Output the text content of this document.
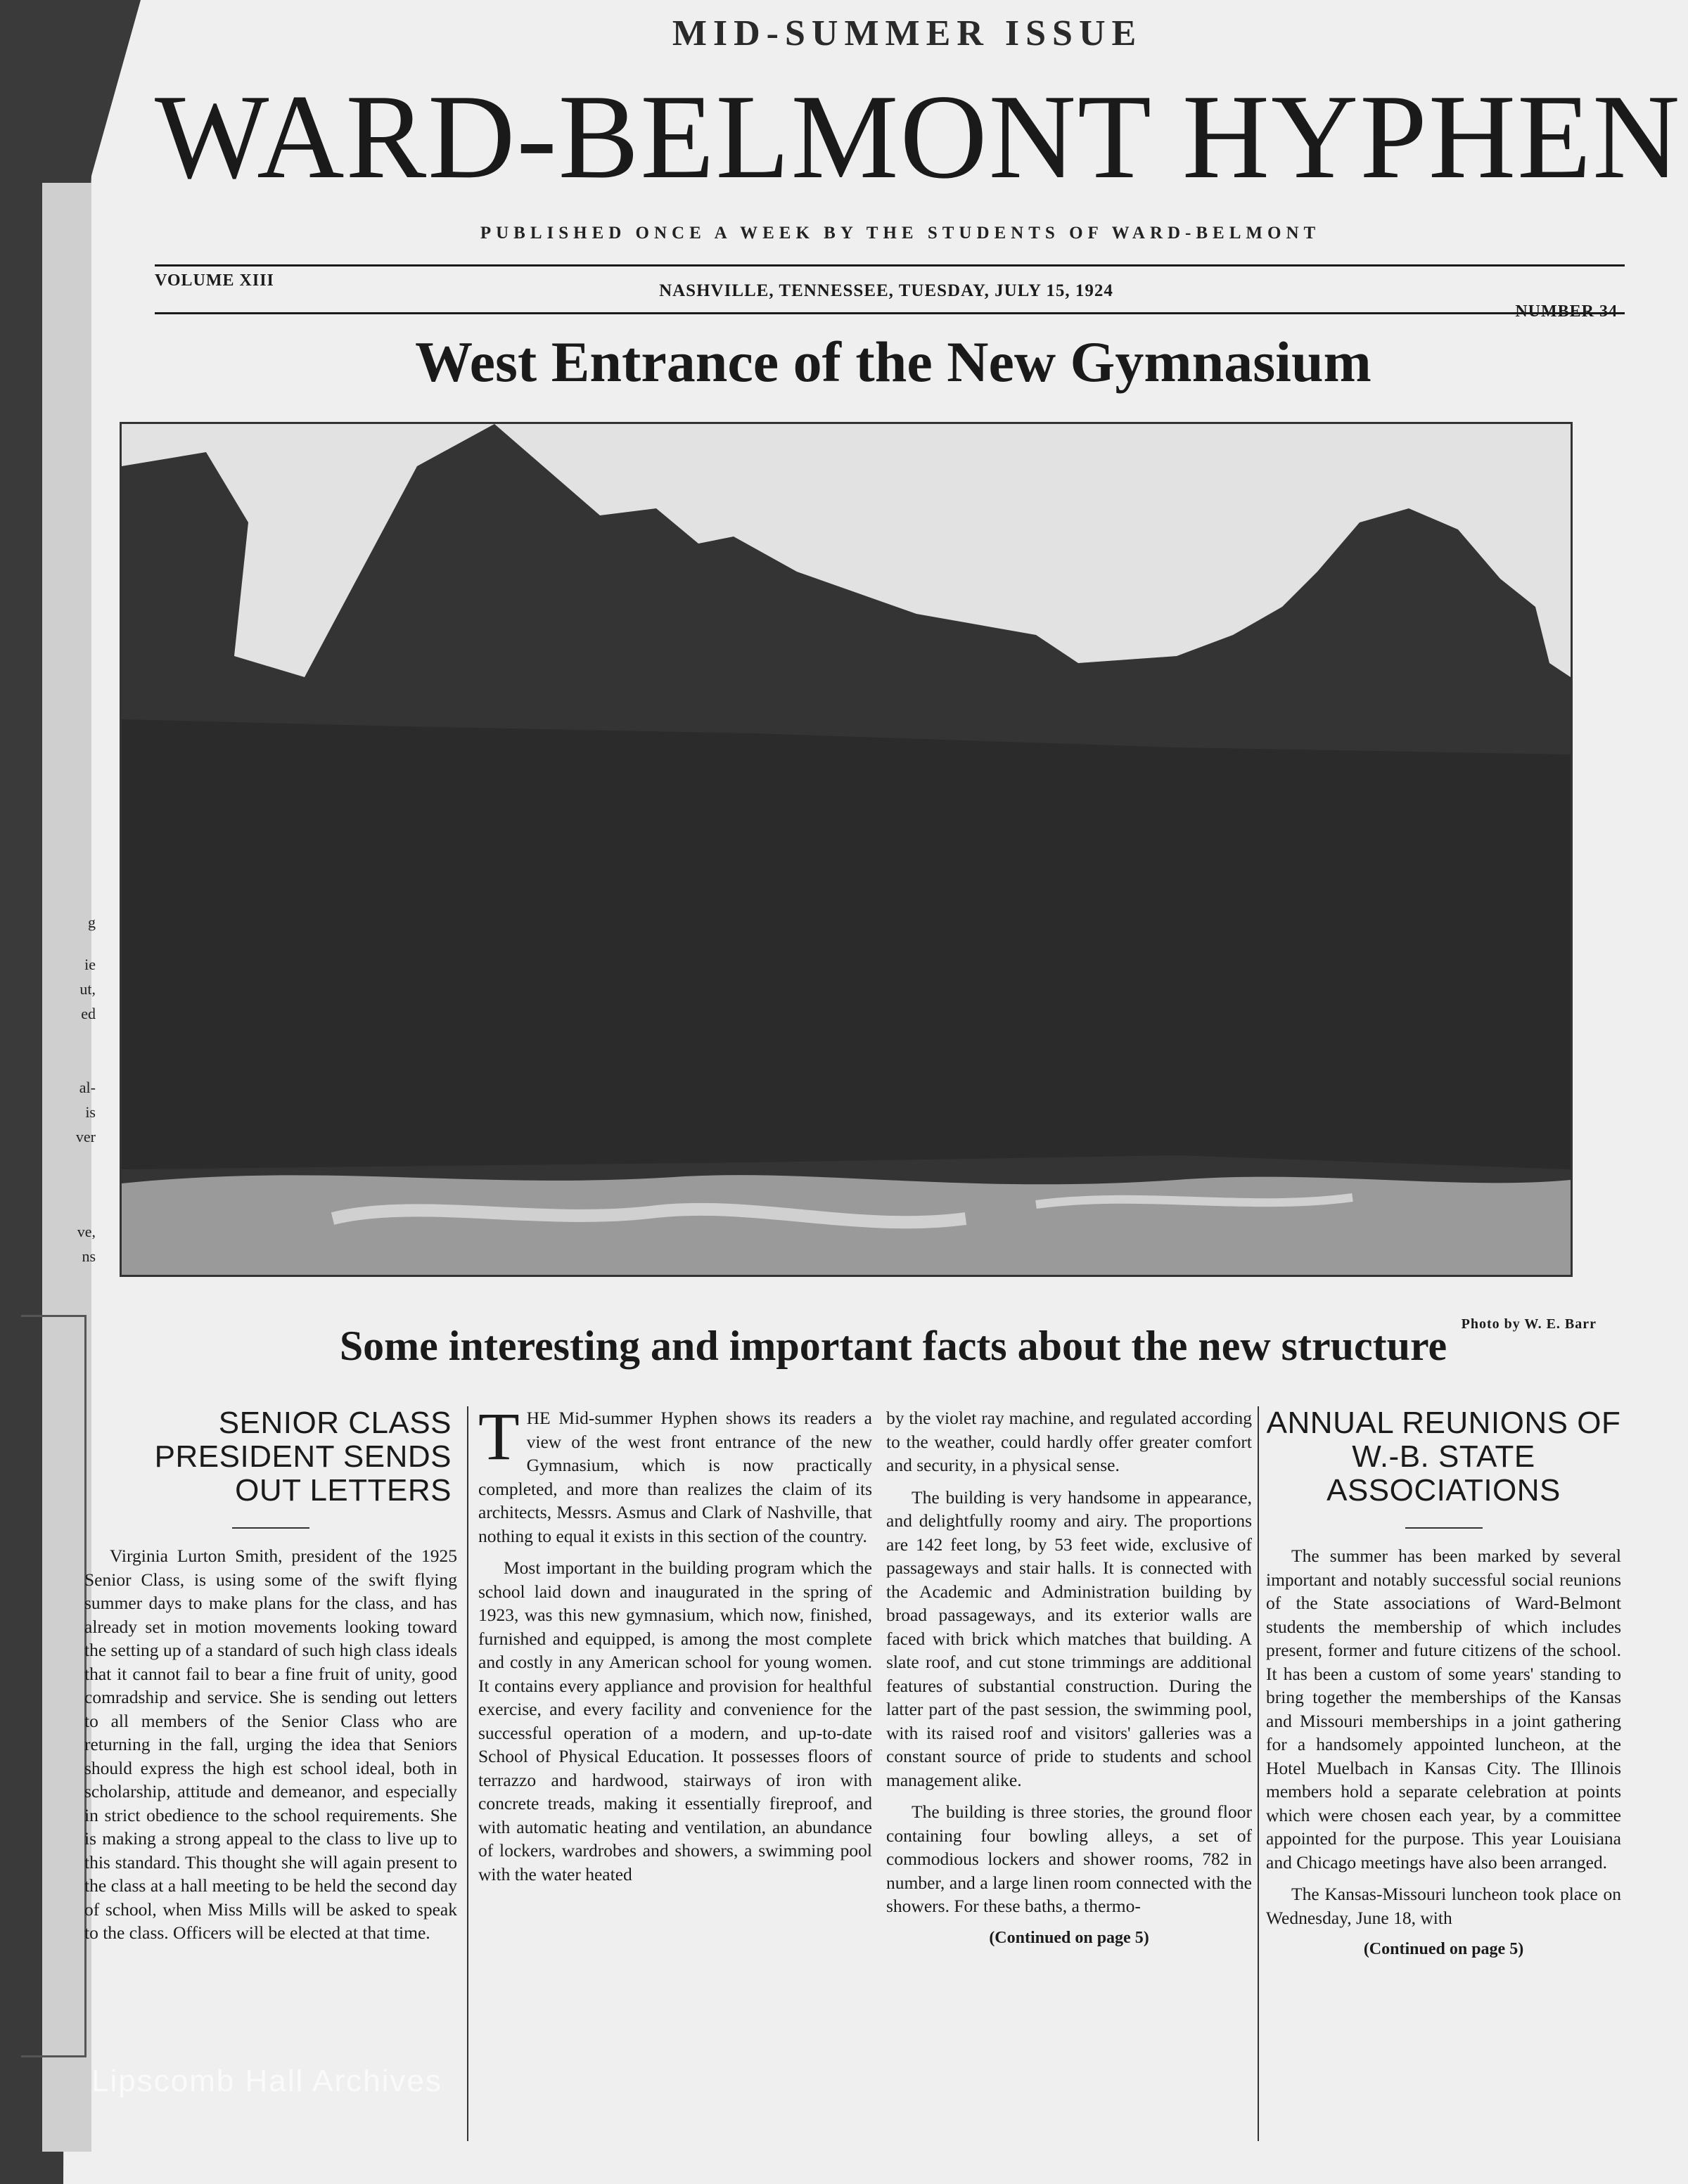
g
ie
ut,
ed
al-
is
ver
ve,
ns
MID-SUMMER ISSUE
WARD-BELMONT HYPHEN
PUBLISHED ONCE A WEEK BY THE STUDENTS OF WARD-BELMONT
VOLUME XIII
NASHVILLE, TENNESSEE, TUESDAY, JULY 15, 1924
NUMBER 34
West Entrance of the New Gymnasium
Photo by W. E. Barr
Some interesting and important facts about the new structure
SENIOR CLASS PRESIDENT SENDS OUT LETTERS

Virginia Lurton Smith, president of the 1925 Senior Class, is using some of the swift flying summer days to make plans for the class, and has already set in motion movements looking toward the setting up of a standard of such high class ideals that it cannot fail to bear a fine fruit of unity, good comradship and service. She is sending out letters to all members of the Senior Class who are returning in the fall, urging the idea that Seniors should express the high est school ideal, both in scholarship, attitude and demeanor, and especially in strict obedience to the school requirements. She is making a strong appeal to the class to live up to this standard. This thought she will again present to the class at a hall meeting to be held the second day of school, when Miss Mills will be asked to speak to the class. Officers will be elected at that time.

THE Mid-summer Hyphen shows its readers a view of the west front entrance of the new Gymnasium, which is now practically completed, and more than realizes the claim of its architects, Messrs. Asmus and Clark of Nashville, that nothing to equal it exists in this section of the country.

Most important in the building program which the school laid down and inaugurated in the spring of 1923, was this new gymnasium, which now, finished, furnished and equipped, is among the most complete and costly in any American school for young women. It contains every appliance and provision for healthful exercise, and every facility and convenience for the successful operation of a modern, and up-to-date School of Physical Education. It possesses floors of terrazzo and hardwood, stairways of iron with concrete treads, making it essentially fireproof, and with automatic heating and ventilation, an abundance of lockers, wardrobes and showers, a swimming pool with the water heated

by the violet ray machine, and regulated according to the weather, could hardly offer greater comfort and security, in a physical sense.

The building is very handsome in appearance, and delightfully roomy and airy. The proportions are 142 feet long, by 53 feet wide, exclusive of passageways and stair halls. It is connected with the Academic and Administration building by broad passageways, and its exterior walls are faced with brick which matches that building. A slate roof, and cut stone trimmings are additional features of substantial construction. During the latter part of the past session, the swimming pool, with its raised roof and visitors' galleries was a constant source of pride to students and school management alike.

The building is three stories, the ground floor containing four bowling alleys, a set of commodious lockers and shower rooms, 782 in number, and a large linen room connected with the showers. For these baths, a thermo-

(Continued on page 5)

ANNUAL REUNIONS OF W.-B. STATE ASSOCIATIONS

The summer has been marked by several important and notably successful social reunions of the State associations of Ward-Belmont students the membership of which includes present, former and future citizens of the school. It has been a custom of some years' standing to bring together the memberships of the Kansas and Missouri memberships in a joint gathering for a handsomely appointed luncheon, at the Hotel Muelbach in Kansas City. The Illinois members hold a separate celebration at points which were chosen each year, by a committee appointed for the purpose. This year Louisiana and Chicago meetings have also been arranged.

The Kansas-Missouri luncheon took place on Wednesday, June 18, with

(Continued on page 5)

Lipscomb Hall Archives
